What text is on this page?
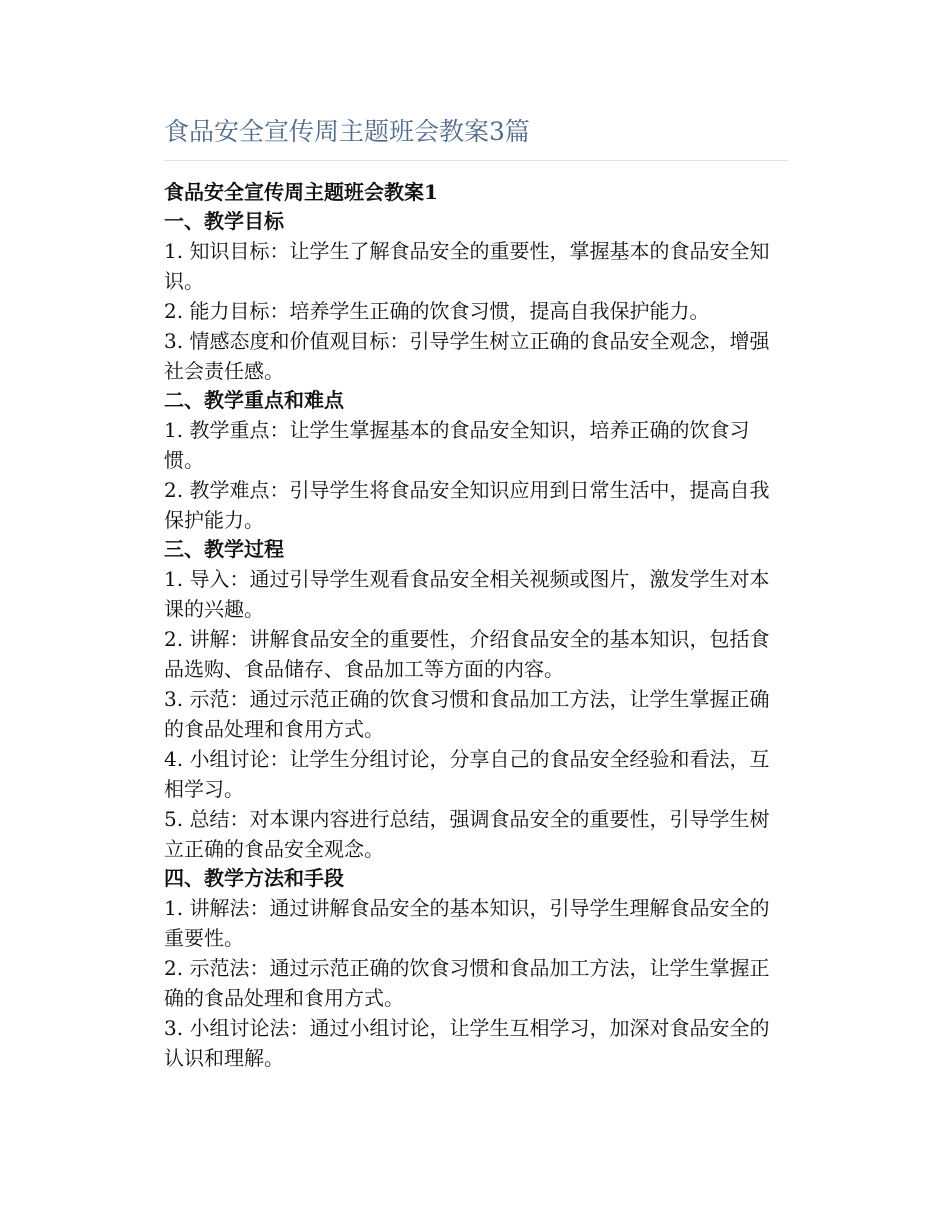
食品安全宣传周主题班会教案3篇
食品安全宣传周主题班会教案1
一、教学目标

1. 知识目标：让学生了解食品安全的重要性，掌握基本的食品安全知识。

2. 能力目标：培养学生正确的饮食习惯，提高自我保护能力。

3. 情感态度和价值观目标：引导学生树立正确的食品安全观念，增强社会责任感。

二、教学重点和难点

1. 教学重点：让学生掌握基本的食品安全知识，培养正确的饮食习惯。

2. 教学难点：引导学生将食品安全知识应用到日常生活中，提高自我保护能力。

三、教学过程

1. 导入：通过引导学生观看食品安全相关视频或图片，激发学生对本课的兴趣。

2. 讲解：讲解食品安全的重要性，介绍食品安全的基本知识，包括食品选购、食品储存、食品加工等方面的内容。

3. 示范：通过示范正确的饮食习惯和食品加工方法，让学生掌握正确的食品处理和食用方式。

4. 小组讨论：让学生分组讨论，分享自己的食品安全经验和看法，互相学习。

5. 总结：对本课内容进行总结，强调食品安全的重要性，引导学生树立正确的食品安全观念。

四、教学方法和手段

1. 讲解法：通过讲解食品安全的基本知识，引导学生理解食品安全的重要性。

2. 示范法：通过示范正确的饮食习惯和食品加工方法，让学生掌握正确的食品处理和食用方式。

3. 小组讨论法：通过小组讨论，让学生互相学习，加深对食品安全的认识和理解。
